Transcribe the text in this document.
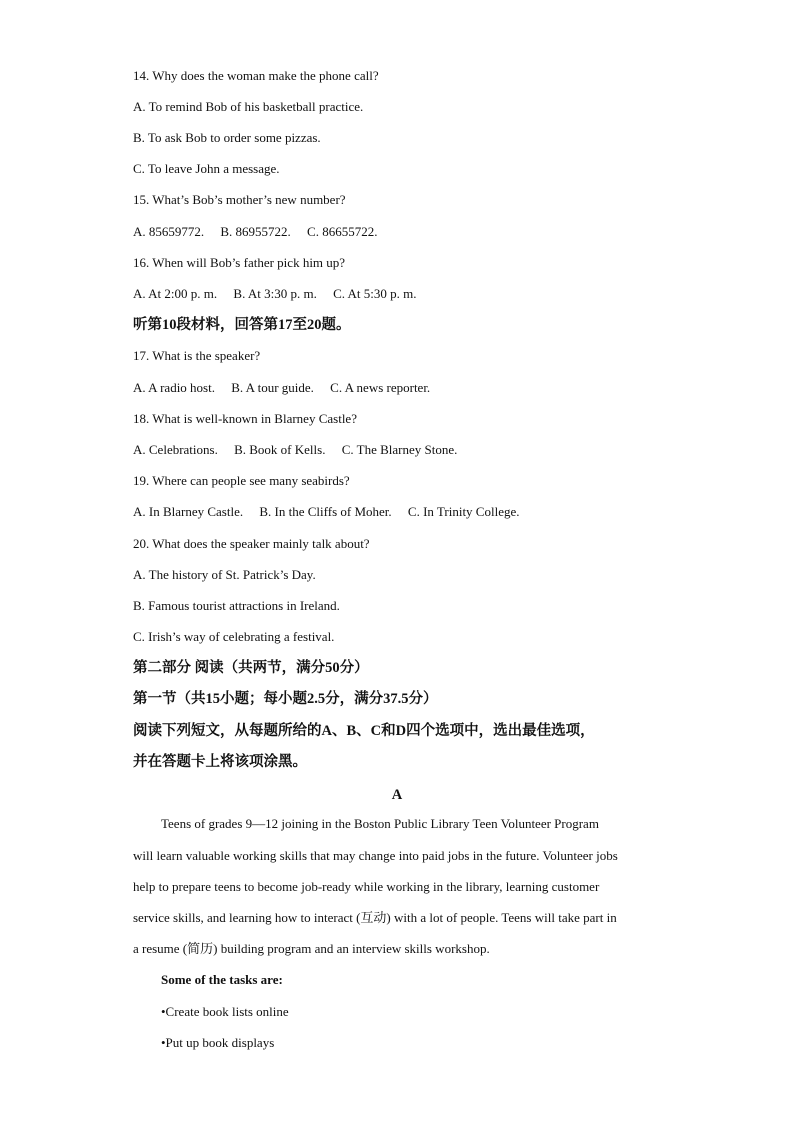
14. Why does the woman make the phone call?
A. To remind Bob of his basketball practice.
B. To ask Bob to order some pizzas.
C. To leave John a message.
15. What’s Bob’s mother’s new number?
A. 85659772.     B. 86955722.     C. 86655722.
16. When will Bob’s father pick him up?
A. At 2:00 p. m.     B. At 3:30 p. m.     C. At 5:30 p. m.
听第10段材料，回答第17至20题。
17. What is the speaker?
A. A radio host.     B. A tour guide.     C. A news reporter.
18. What is well-known in Blarney Castle?
A. Celebrations.     B. Book of Kells.     C. The Blarney Stone.
19. Where can people see many seabirds?
A. In Blarney Castle.     B. In the Cliffs of Moher.     C. In Trinity College.
20. What does the speaker mainly talk about?
A. The history of St. Patrick’s Day.
B. Famous tourist attractions in Ireland.
C. Irish’s way of celebrating a festival.
第二部分 阅读（共两节，满分50分）
第一节（共15小题；每小题2.5分，满分37.5分）
阅读下列短文，从每题所给的A、B、C和D四个选项中，选出最佳选项，
并在答题卡上将该项涂黑。
A
Teens of grades 9—12 joining in the Boston Public Library Teen Volunteer Program
will learn valuable working skills that may change into paid jobs in the future. Volunteer jobs
help to prepare teens to become job-ready while working in the library, learning customer
service skills, and learning how to interact (互动) with a lot of people. Teens will take part in
a resume (简历) building program and an interview skills workshop.
Some of the tasks are:
•Create book lists online
•Put up book displays
